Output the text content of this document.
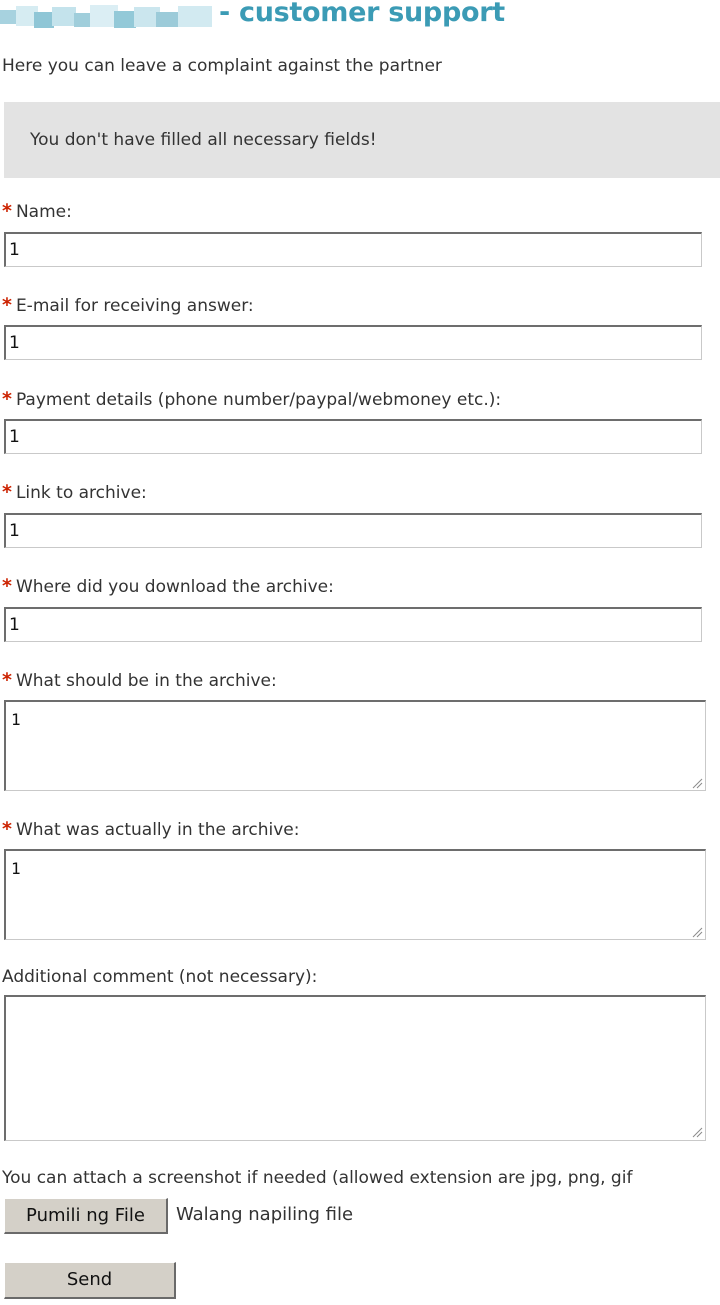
- customer support
Here you can leave a complaint against the partner
You don't have filled all necessary fields!
* Name:
1
* E-mail for receiving answer:
1
* Payment details (phone number/paypal/webmoney etc.):
1
* Link to archive:
1
* Where did you download the archive:
1
* What should be in the archive:
1
* What was actually in the archive:
1
Additional comment (not necessary):
You can attach a screenshot if needed (allowed extension are jpg, png, gif
Pumili ng File	Walang napiling file
Send
